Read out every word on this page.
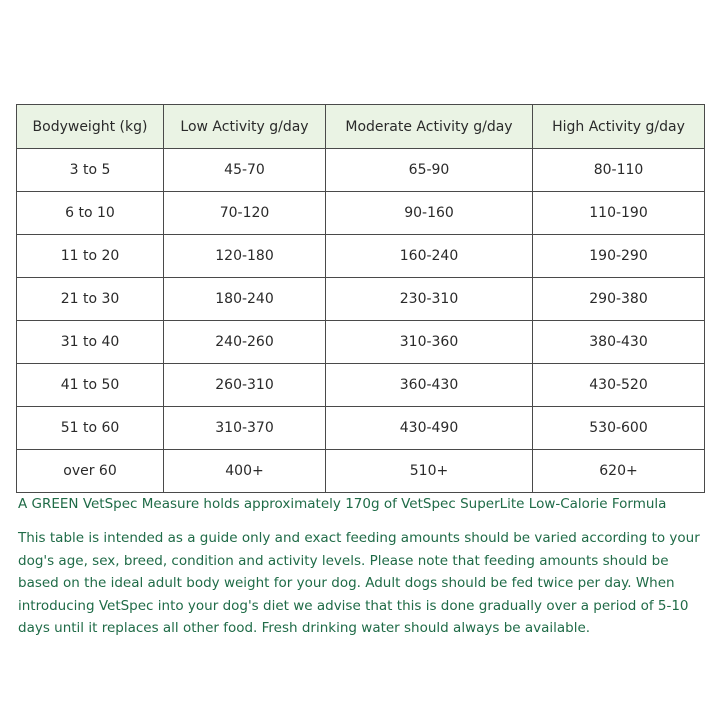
Bodyweight (kg)	Low Activity g/day	Moderate Activity g/day	High Activity g/day
3 to 5	45-70	65-90	80-110
6 to 10	70-120	90-160	110-190
11 to 20	120-180	160-240	190-290
21 to 30	180-240	230-310	290-380
31 to 40	240-260	310-360	380-430
41 to 50	260-310	360-430	430-520
51 to 60	310-370	430-490	530-600
over 60	400+	510+	620+
A GREEN VetSpec Measure holds approximately 170g of VetSpec SuperLite Low-Calorie Formula
This table is intended as a guide only and exact feeding amounts should be varied according to your dog's age, sex, breed, condition and activity levels. Please note that feeding amounts should be based on the ideal adult body weight for your dog. Adult dogs should be fed twice per day. When introducing VetSpec into your dog's diet we advise that this is done gradually over a period of 5-10 days until it replaces all other food. Fresh drinking water should always be available.
